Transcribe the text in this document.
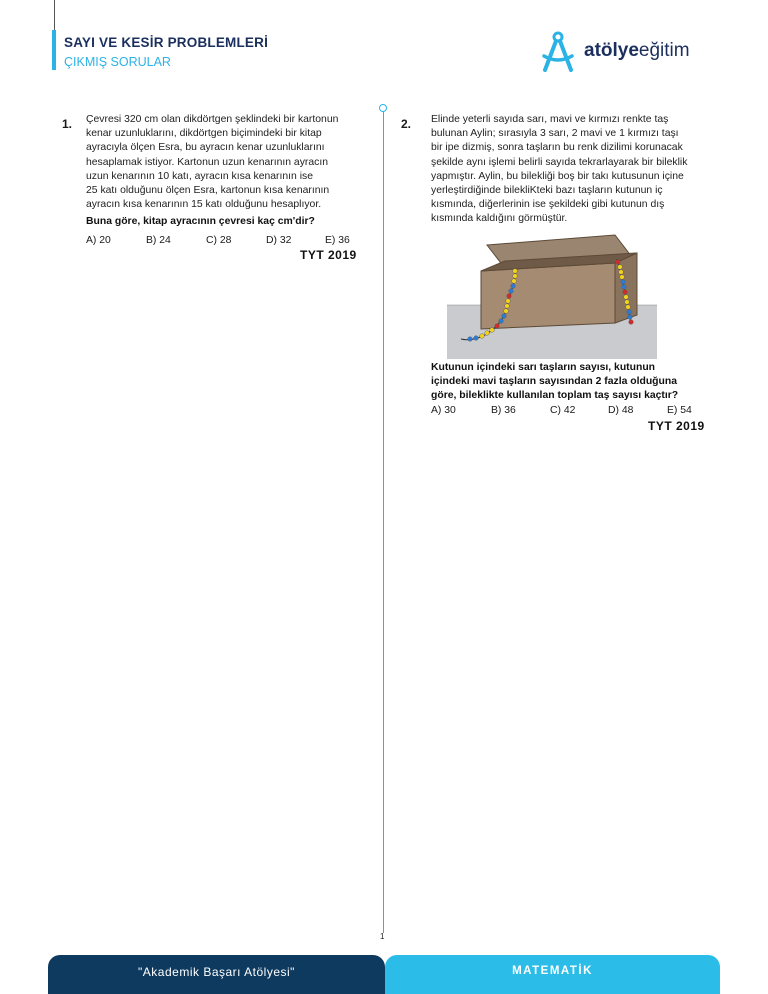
SAYI VE KESİR PROBLEMLERİ
ÇIKMIŞ SORULAR
atölyeeğitim
1. Çevresi 320 cm olan dikdörtgen şeklindeki bir kartonun
kenar uzunluklarını, dikdörtgen biçimindeki bir kitap
ayracıyla ölçen Esra, bu ayracın kenar uzunluklarını
hesaplamak istiyor. Kartonun uzun kenarının ayracın
uzun kenarının 10 katı, ayracın kısa kenarının ise
25 katı olduğunu ölçen Esra, kartonun kısa kenarının
ayracın kısa kenarının 15 katı olduğunu hesaplıyor.
Buna göre, kitap ayracının çevresi kaç cm'dir?
A) 20	B) 24	C) 28	D) 32	E) 36
TYT 2019
2. Elinde yeterli sayıda sarı, mavi ve kırmızı renkte taş
bulunan Aylin; sırasıyla 3 sarı, 2 mavi ve 1 kırmızı taşı
bir ipe dizmiş, sonra taşların bu renk dizilimi korunacak
şekilde aynı işlemi belirli sayıda tekrarlayarak bir bileklik
yapmıştır. Aylin, bu bilekliği boş bir takı kutusunun içine
yerleştirdiğinde bilekliKteki bazı taşların kutunun iç
kısmında, diğerlerinin ise şekildeki gibi kutunun dış
kısmında kaldığını görmüştür.
Kutunun içindeki sarı taşların sayısı, kutunun
içindeki mavi taşların sayısından 2 fazla olduğuna
göre, bileklikte kullanılan toplam taş sayısı kaçtır?
A) 30	B) 36	C) 42	D) 48	E) 54
TYT 2019
1
"Akademik Başarı Atölyesi"	MATEMATİK
